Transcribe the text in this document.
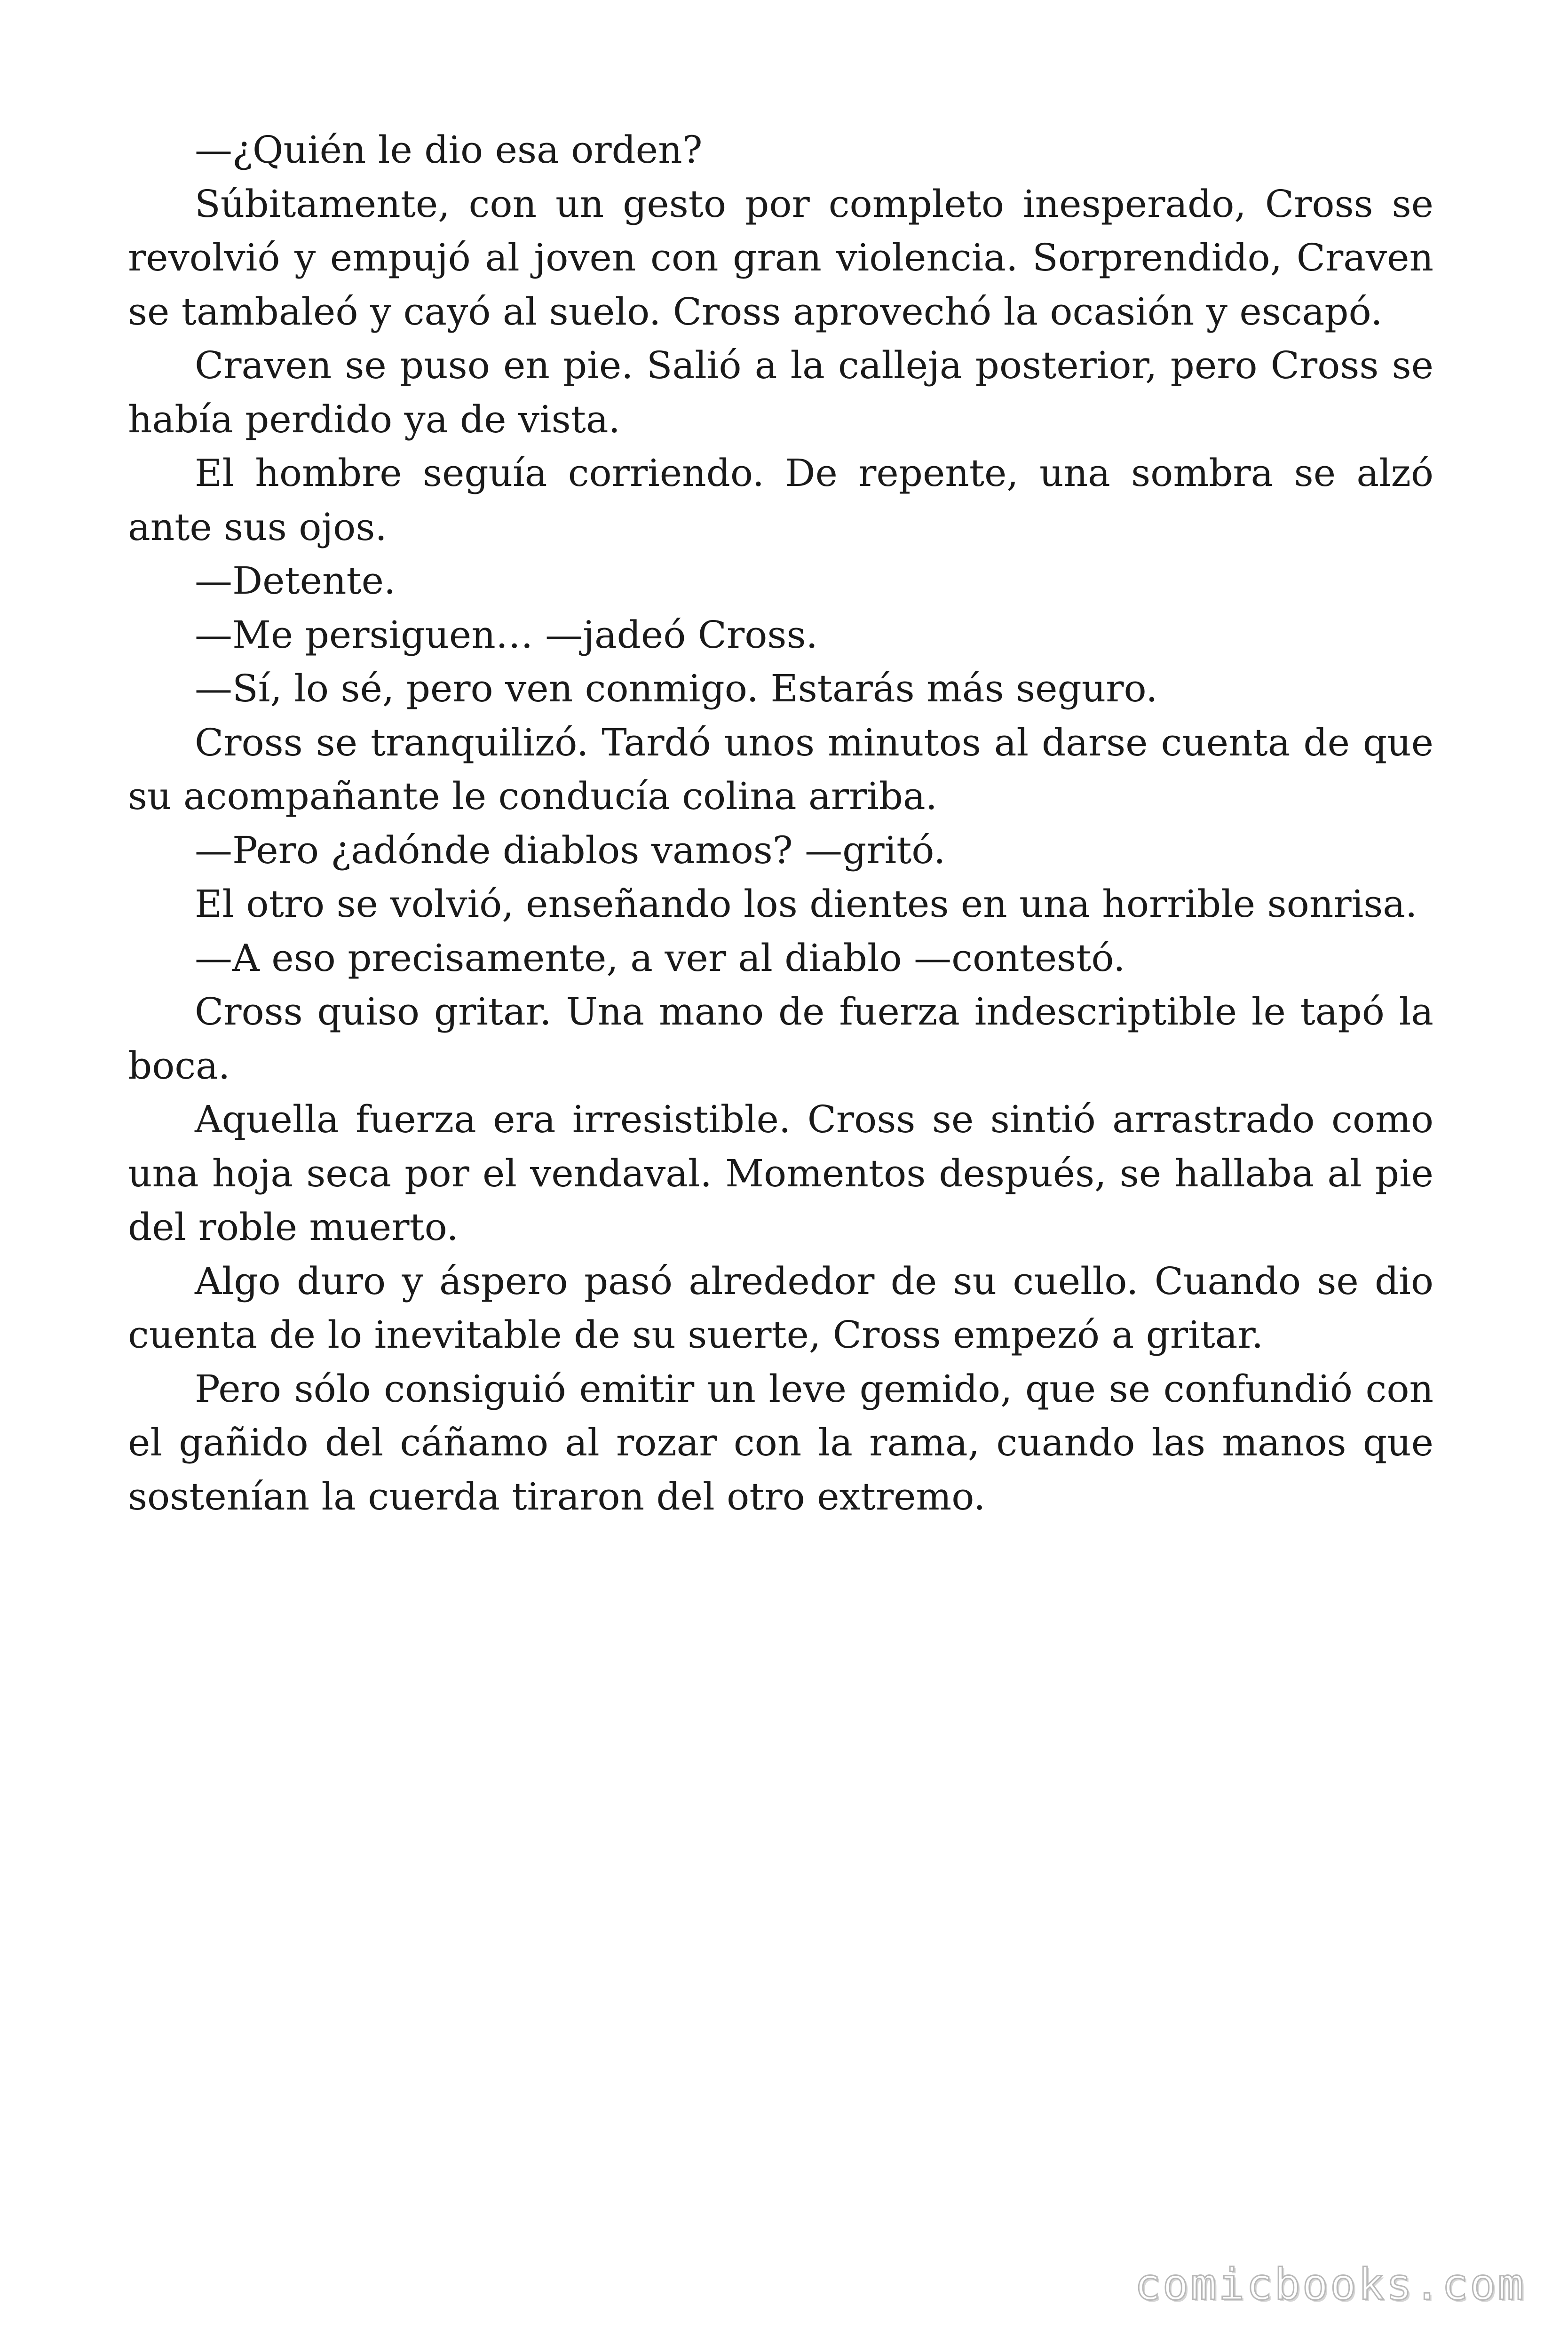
—¿Quién le dio esa orden?

Súbitamente, con un gesto por completo inesperado, Cross se revolvió y empujó al joven con gran violencia. Sorprendido, Craven se tambaleó y cayó al suelo. Cross aprovechó la ocasión y escapó.

Craven se puso en pie. Salió a la calleja posterior, pero Cross se había perdido ya de vista.

El hombre seguía corriendo. De repente, una sombra se alzó ante sus ojos.

—Detente.

—Me persiguen… —jadeó Cross.

—Sí, lo sé, pero ven conmigo. Estarás más seguro.

Cross se tranquilizó. Tardó unos minutos al darse cuenta de que su acompañante le conducía colina arriba.

—Pero ¿adónde diablos vamos? —gritó.

El otro se volvió, enseñando los dientes en una horrible sonrisa.

—A eso precisamente, a ver al diablo —contestó.

Cross quiso gritar. Una mano de fuerza indescriptible le tapó la boca.

Aquella fuerza era irresistible. Cross se sintió arrastrado como una hoja seca por el vendaval. Momentos después, se hallaba al pie del roble muerto.

Algo duro y áspero pasó alrededor de su cuello. Cuando se dio cuenta de lo inevitable de su suerte, Cross empezó a gritar.

Pero sólo consiguió emitir un leve gemido, que se confundió con el gañido del cáñamo al rozar con la rama, cuando las manos que sostenían la cuerda tiraron del otro extremo.

comicbooks.com
